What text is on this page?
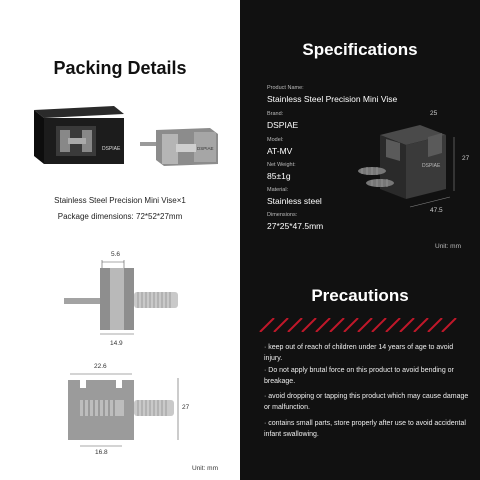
Packing Details
DSPIAE	DSPIAE
Stainless Steel Precision Mini Vise×1
Package dimensions: 72*52*27mm
5.6
14.9
22.6
27
16.8
Unit: mm
Specifications
Product Name:
Stainless Steel Precision Mini Vise
Brand:
DSPIAE
Model:
AT-MV
Net Weight:
85±1g
Material:
Stainless steel
Dimensions:
27*25*47.5mm
25
DSPIAE
27
47.5
Unit: mm
Precautions
· keep out of reach of children under 14 years of age to avoid injury.
· Do not apply brutal force on this product to avoid bending or breakage.
· avoid dropping or tapping this product which may cause damage or malfunction.
· contains small parts, store properly after use to avoid accidental infant swallowing.
